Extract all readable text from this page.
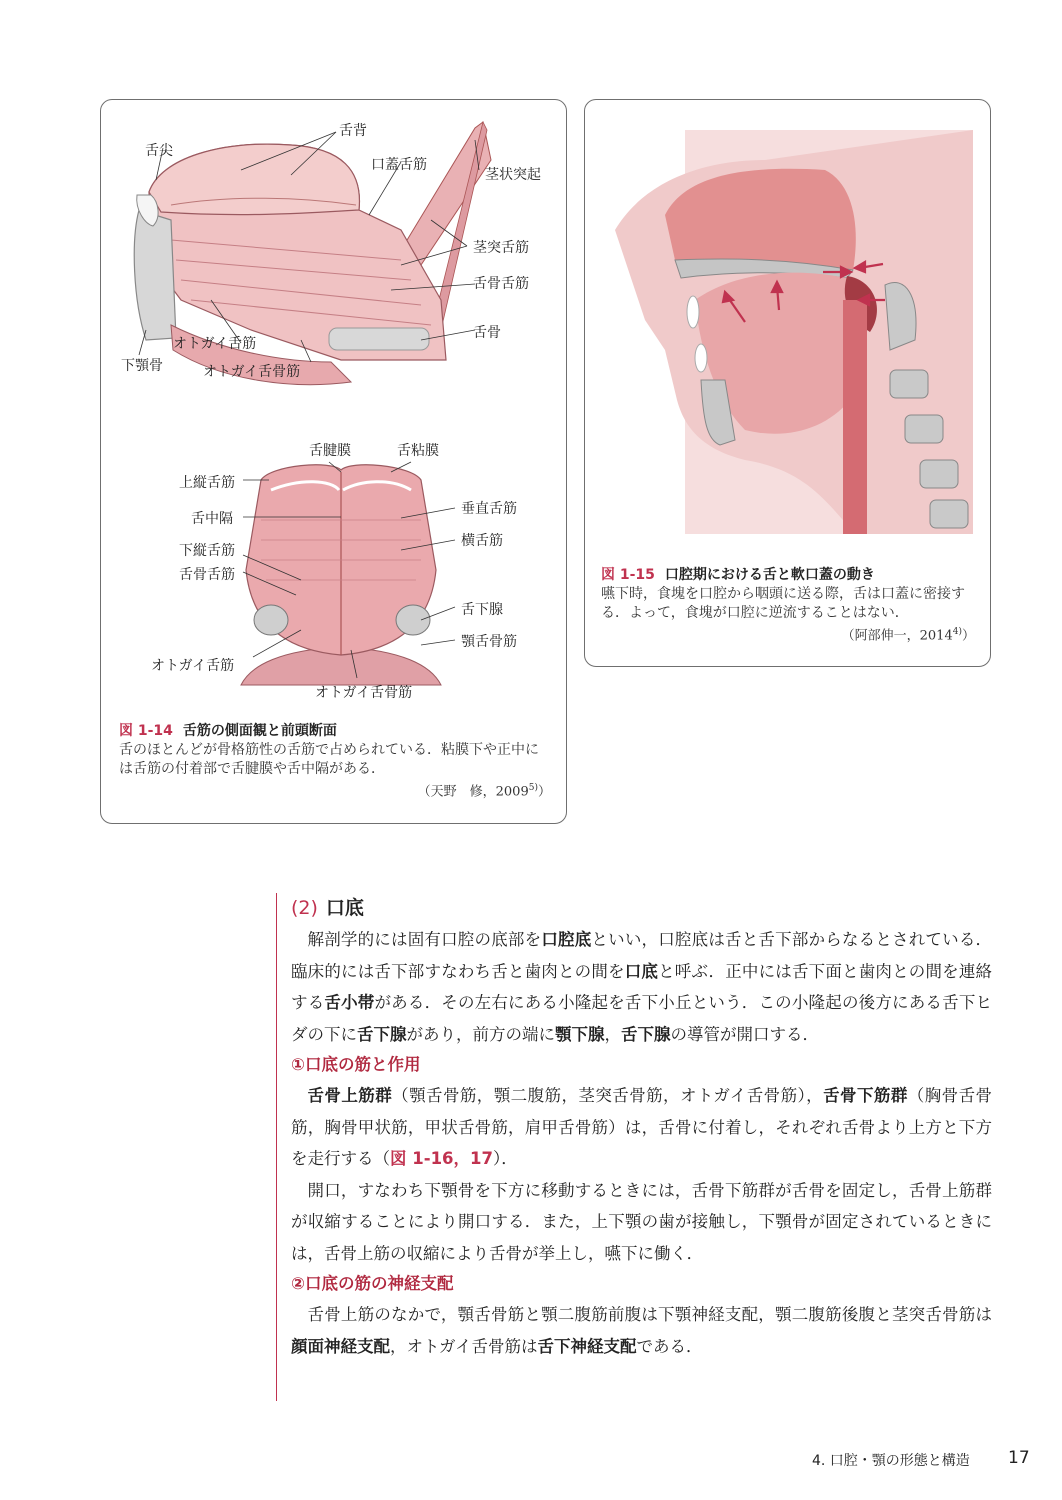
舌尖
舌背
口蓋舌筋
茎状突起
茎突舌筋
舌骨舌筋
舌骨
オトガイ舌筋
下顎骨	オトガイ舌骨筋
舌腱膜	舌粘膜
上縦舌筋
舌中隔
垂直舌筋
横舌筋
下縦舌筋
舌骨舌筋
舌下腺
顎舌骨筋
オトガイ舌筋
オトガイ舌骨筋
図 1-14 舌筋の側面観と前頭断面
舌のほとんどが骨格筋性の舌筋で占められている．粘膜下や正中には舌筋の付着部で舌腱膜や舌中隔がある．
（天野　修，2009$^{5)}$）
図 1-15 口腔期における舌と軟口蓋の動き
嚥下時，食塊を口腔から咽頭に送る際，舌は口蓋に密接する．よって，食塊が口腔に逆流することはない．
（阿部伸一，2014$^{4)}$）
(2) 口底

解剖学的には固有口腔の底部を口腔底といい，口腔底は舌と舌下部からなるとされている．臨床的には舌下部すなわち舌と歯肉との間を口底と呼ぶ．正中には舌下面と歯肉との間を連絡する舌小帯がある．その左右にある小隆起を舌下小丘という．この小隆起の後方にある舌下ヒダの下に舌下腺があり，前方の端に顎下腺，舌下腺の導管が開口する．

①口底の筋と作用

舌骨上筋群（顎舌骨筋，顎二腹筋，茎突舌骨筋，オトガイ舌骨筋），舌骨下筋群（胸骨舌骨筋，胸骨甲状筋，甲状舌骨筋，肩甲舌骨筋）は，舌骨に付着し，それぞれ舌骨より上方と下方を走行する（図 1-16，17）．

開口，すなわち下顎骨を下方に移動するときには，舌骨下筋群が舌骨を固定し，舌骨上筋群が収縮することにより開口する．また，上下顎の歯が接触し，下顎骨が固定されているときには，舌骨上筋の収縮により舌骨が挙上し，嚥下に働く．

②口底の筋の神経支配

舌骨上筋のなかで，顎舌骨筋と顎二腹筋前腹は下顎神経支配，顎二腹筋後腹と茎突舌骨筋は顔面神経支配，オトガイ舌骨筋は舌下神経支配である．

4. 口腔・顎の形態と構造 17
